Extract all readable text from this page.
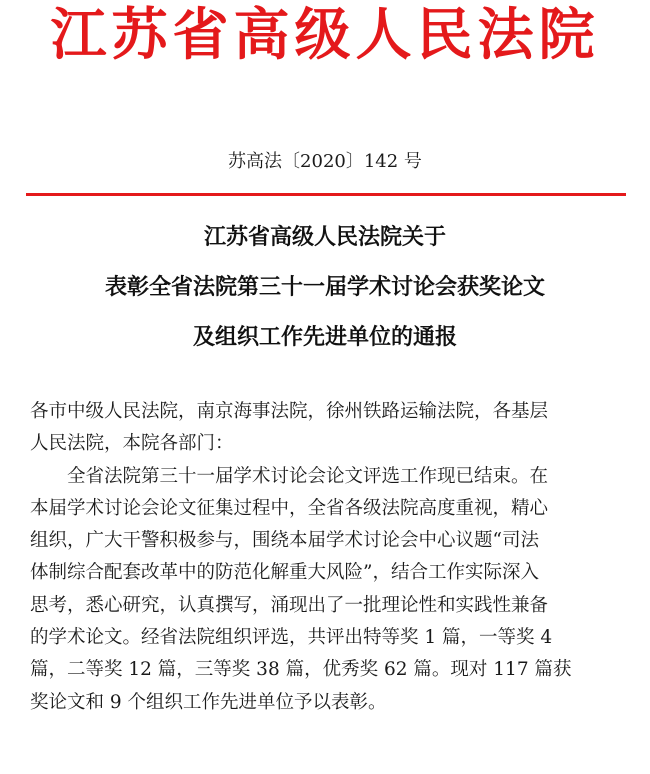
江苏省高级人民法院
苏高法〔2020〕142 号
江苏省高级人民法院关于
表彰全省法院第三十一届学术讨论会获奖论文
及组织工作先进单位的通报
各市中级人民法院，南京海事法院，徐州铁路运输法院，各基层
人民法院，本院各部门：
全省法院第三十一届学术讨论会论文评选工作现已结束。在
本届学术讨论会论文征集过程中，全省各级法院高度重视，精心
组织，广大干警积极参与，围绕本届学术讨论会中心议题“司法
体制综合配套改革中的防范化解重大风险”，结合工作实际深入
思考，悉心研究，认真撰写，涌现出了一批理论性和实践性兼备
的学术论文。经省法院组织评选，共评出特等奖 1 篇，一等奖 4
篇，二等奖 12 篇，三等奖 38 篇，优秀奖 62 篇。现对 117 篇获
奖论文和 9 个组织工作先进单位予以表彰。
